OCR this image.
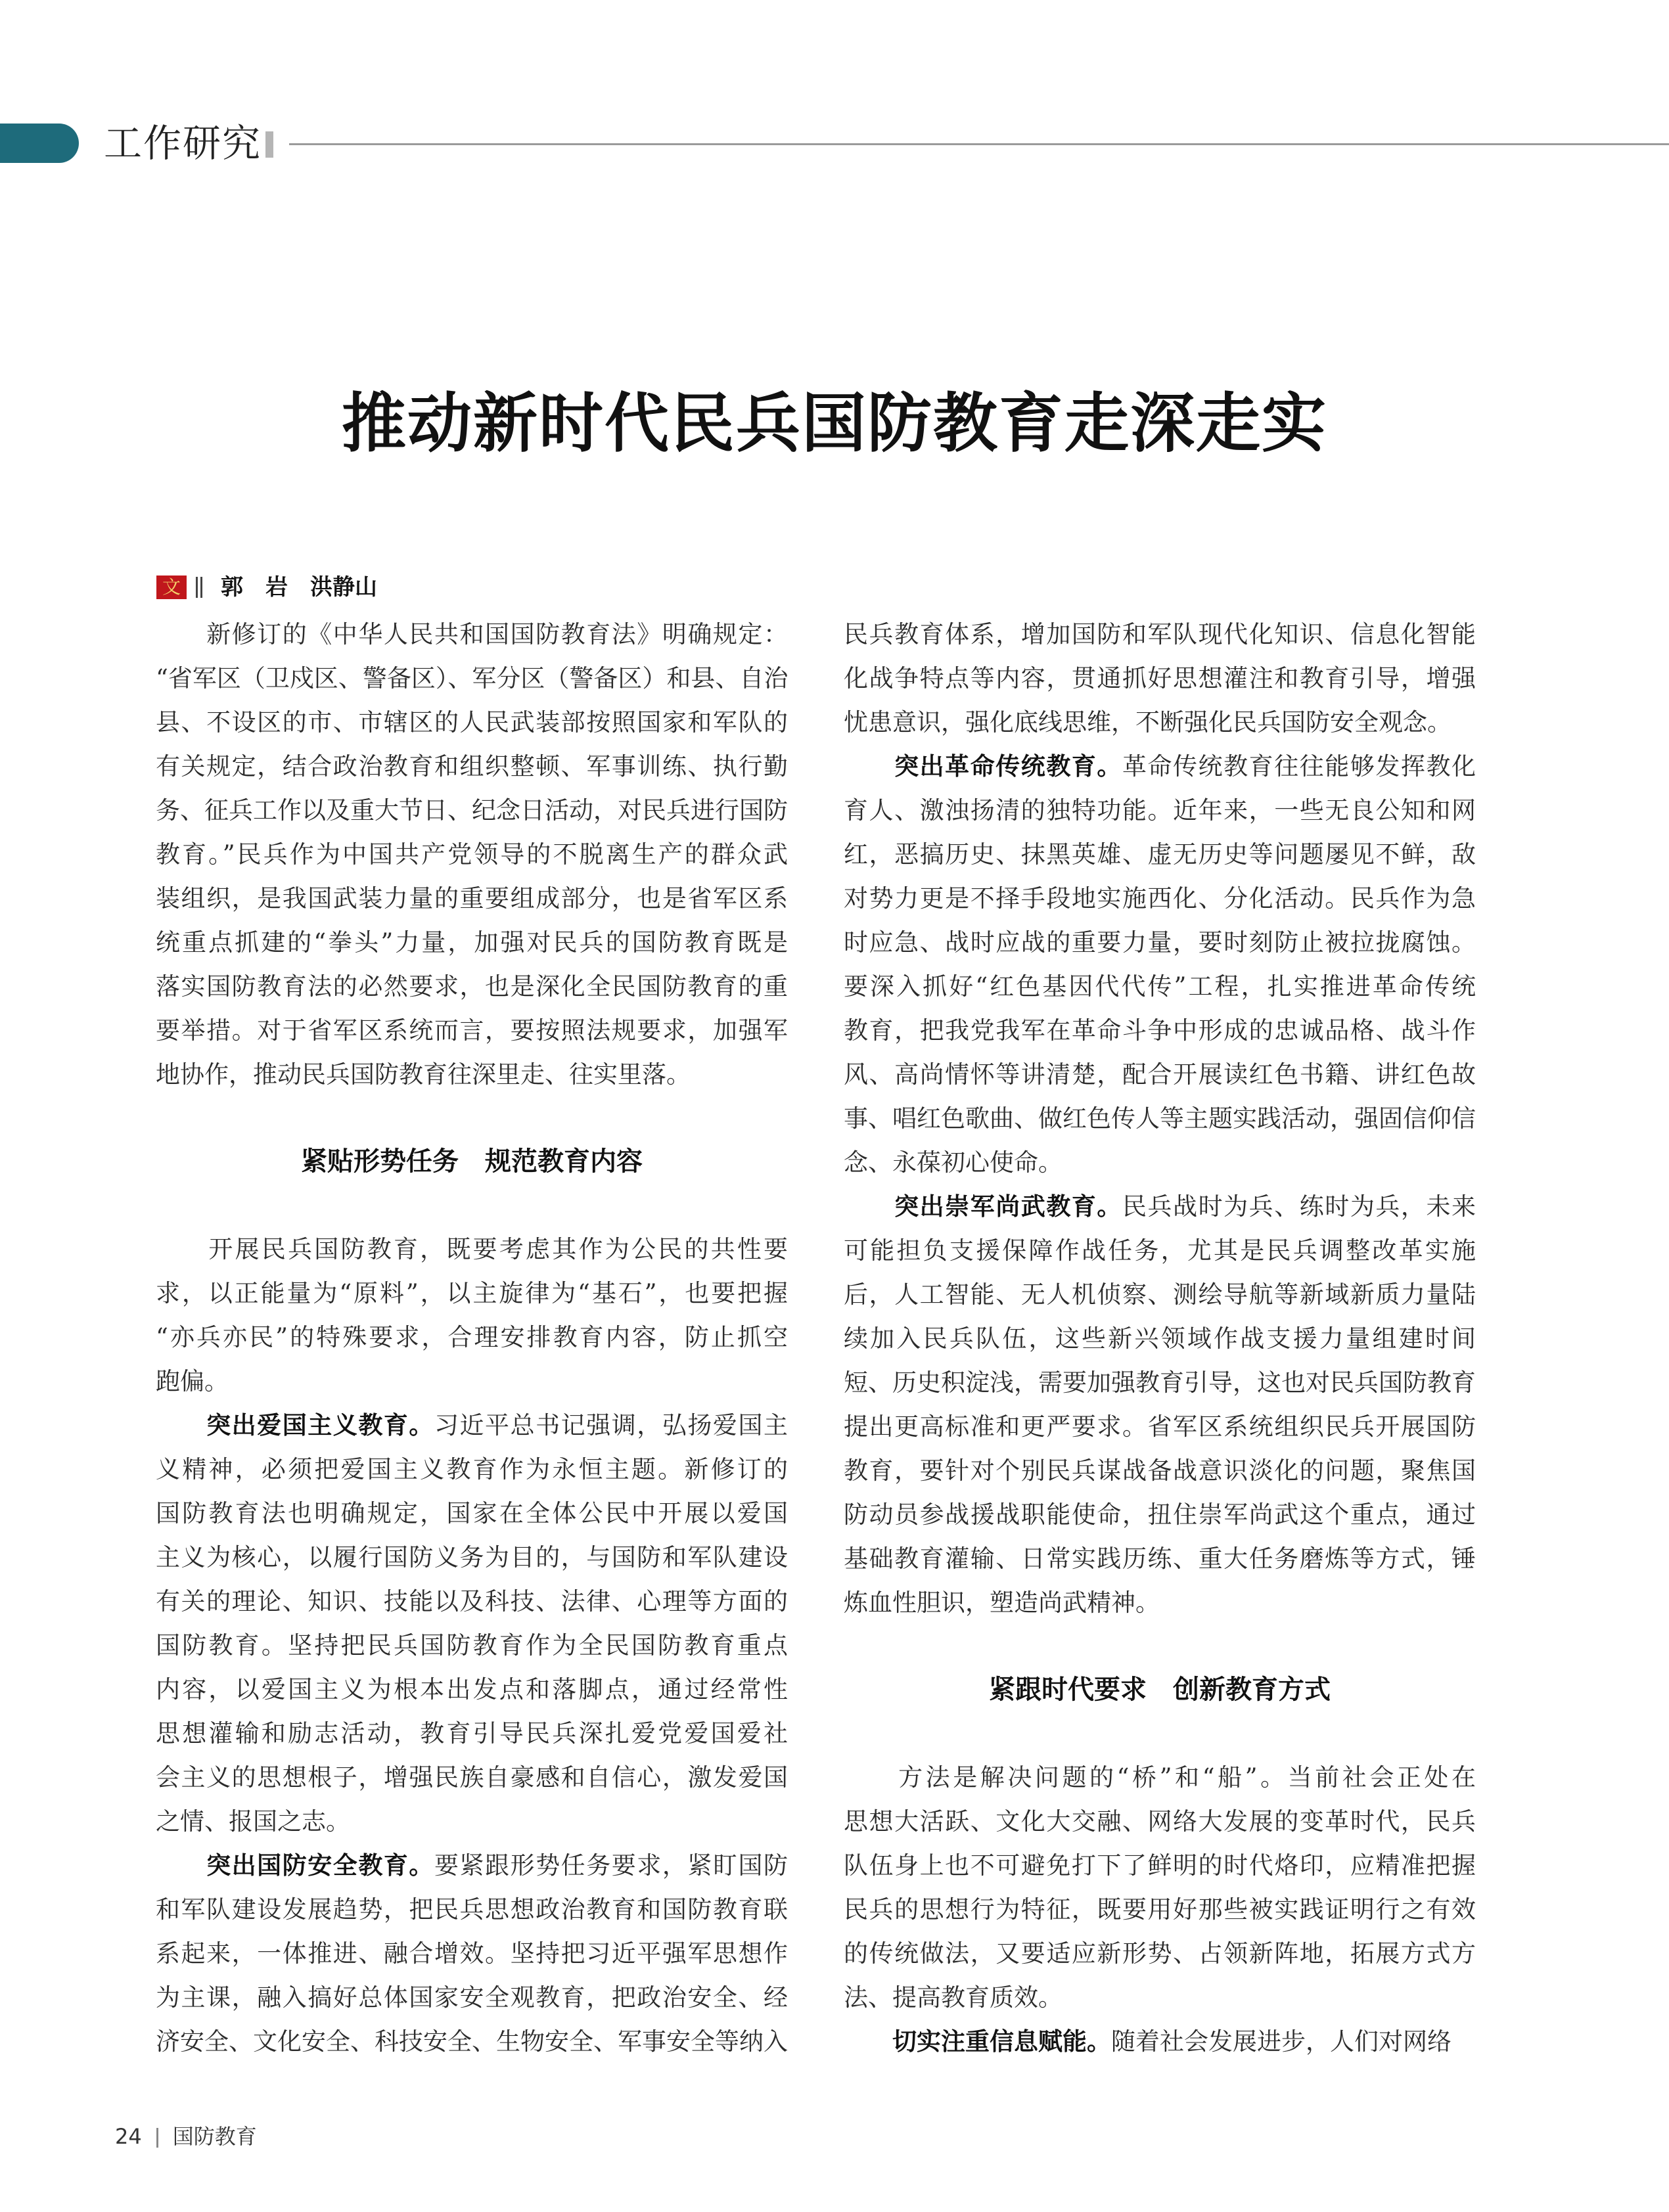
工作研究
推动新时代民兵国防教育走深走实
文 郭　岩　洪静山
　　新修订的《中华人民共和国国防教育法》明确规定：
“省军区（卫戍区、警备区）、军分区（警备区）和县、自治
县、不设区的市、市辖区的人民武装部按照国家和军队的
有关规定，结合政治教育和组织整顿、军事训练、执行勤
务、征兵工作以及重大节日、纪念日活动，对民兵进行国防
教育。”民兵作为中国共产党领导的不脱离生产的群众武
装组织，是我国武装力量的重要组成部分，也是省军区系
统重点抓建的“拳头”力量，加强对民兵的国防教育既是
落实国防教育法的必然要求，也是深化全民国防教育的重
要举措。对于省军区系统而言，要按照法规要求，加强军
地协作，推动民兵国防教育往深里走、往实里落。
紧贴形势任务　规范教育内容
　　开展民兵国防教育，既要考虑其作为公民的共性要
求，以正能量为“原料”，以主旋律为“基石”，也要把握
“亦兵亦民”的特殊要求，合理安排教育内容，防止抓空
跑偏。
　　突出爱国主义教育。习近平总书记强调，弘扬爱国主
义精神，必须把爱国主义教育作为永恒主题。新修订的
国防教育法也明确规定，国家在全体公民中开展以爱国
主义为核心，以履行国防义务为目的，与国防和军队建设
有关的理论、知识、技能以及科技、法律、心理等方面的
国防教育。坚持把民兵国防教育作为全民国防教育重点
内容，以爱国主义为根本出发点和落脚点，通过经常性
思想灌输和励志活动，教育引导民兵深扎爱党爱国爱社
会主义的思想根子，增强民族自豪感和自信心，激发爱国
之情、报国之志。
　　突出国防安全教育。要紧跟形势任务要求，紧盯国防
和军队建设发展趋势，把民兵思想政治教育和国防教育联
系起来，一体推进、融合增效。坚持把习近平强军思想作
为主课，融入搞好总体国家安全观教育，把政治安全、经
济安全、文化安全、科技安全、生物安全、军事安全等纳入
民兵教育体系，增加国防和军队现代化知识、信息化智能
化战争特点等内容，贯通抓好思想灌注和教育引导，增强
忧患意识，强化底线思维，不断强化民兵国防安全观念。
　　突出革命传统教育。革命传统教育往往能够发挥教化
育人、激浊扬清的独特功能。近年来，一些无良公知和网
红，恶搞历史、抹黑英雄、虚无历史等问题屡见不鲜，敌
对势力更是不择手段地实施西化、分化活动。民兵作为急
时应急、战时应战的重要力量，要时刻防止被拉拢腐蚀。
要深入抓好“红色基因代代传”工程，扎实推进革命传统
教育，把我党我军在革命斗争中形成的忠诚品格、战斗作
风、高尚情怀等讲清楚，配合开展读红色书籍、讲红色故
事、唱红色歌曲、做红色传人等主题实践活动，强固信仰信
念、永葆初心使命。
　　突出崇军尚武教育。民兵战时为兵、练时为兵，未来
可能担负支援保障作战任务，尤其是民兵调整改革实施
后，人工智能、无人机侦察、测绘导航等新域新质力量陆
续加入民兵队伍，这些新兴领域作战支援力量组建时间
短、历史积淀浅，需要加强教育引导，这也对民兵国防教育
提出更高标准和更严要求。省军区系统组织民兵开展国防
教育，要针对个别民兵谋战备战意识淡化的问题，聚焦国
防动员参战援战职能使命，扭住崇军尚武这个重点，通过
基础教育灌输、日常实践历练、重大任务磨炼等方式，锤
炼血性胆识，塑造尚武精神。
紧跟时代要求　创新教育方式
　　方法是解决问题的“桥”和“船”。当前社会正处在
思想大活跃、文化大交融、网络大发展的变革时代，民兵
队伍身上也不可避免打下了鲜明的时代烙印，应精准把握
民兵的思想行为特征，既要用好那些被实践证明行之有效
的传统做法，又要适应新形势、占领新阵地，拓展方式方
法、提高教育质效。
　　切实注重信息赋能。随着社会发展进步，人们对网络
24 国防教育
